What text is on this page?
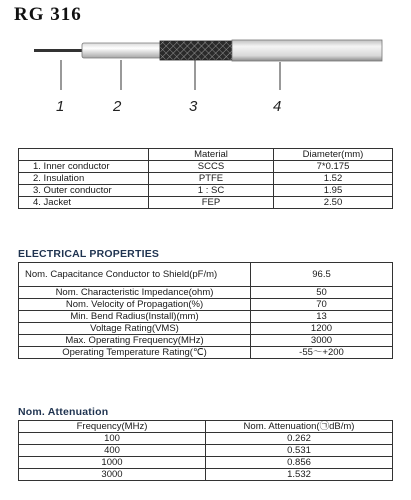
RG 316
1	2	3	4
	Material	Diameter(mm)
1. Inner conductor	SCCS	7*0.175
2. Insulation	PTFE	1.52
3. Outer conductor	1 : SC	1.95
4. Jacket	FEP	2.50
ELECTRICAL PROPERTIES
Nom. Capacitance Conductor to Shield(pF/m)	96.5
Nom. Characteristic Impedance(ohm)	50
Nom. Velocity of Propagation(%)	70
Min. Bend Radius(Install)(mm)	13
Voltage Rating(VMS)	1200
Max. Operating Frequency(MHz)	3000
Operating Temperature Rating(℃)	-55～+200
Nom. Attenuation
Frequency(MHz)	Nom. Attenuation(㉠dB/m)
100	0.262
400	0.531
1000	0.856
3000	1.532
